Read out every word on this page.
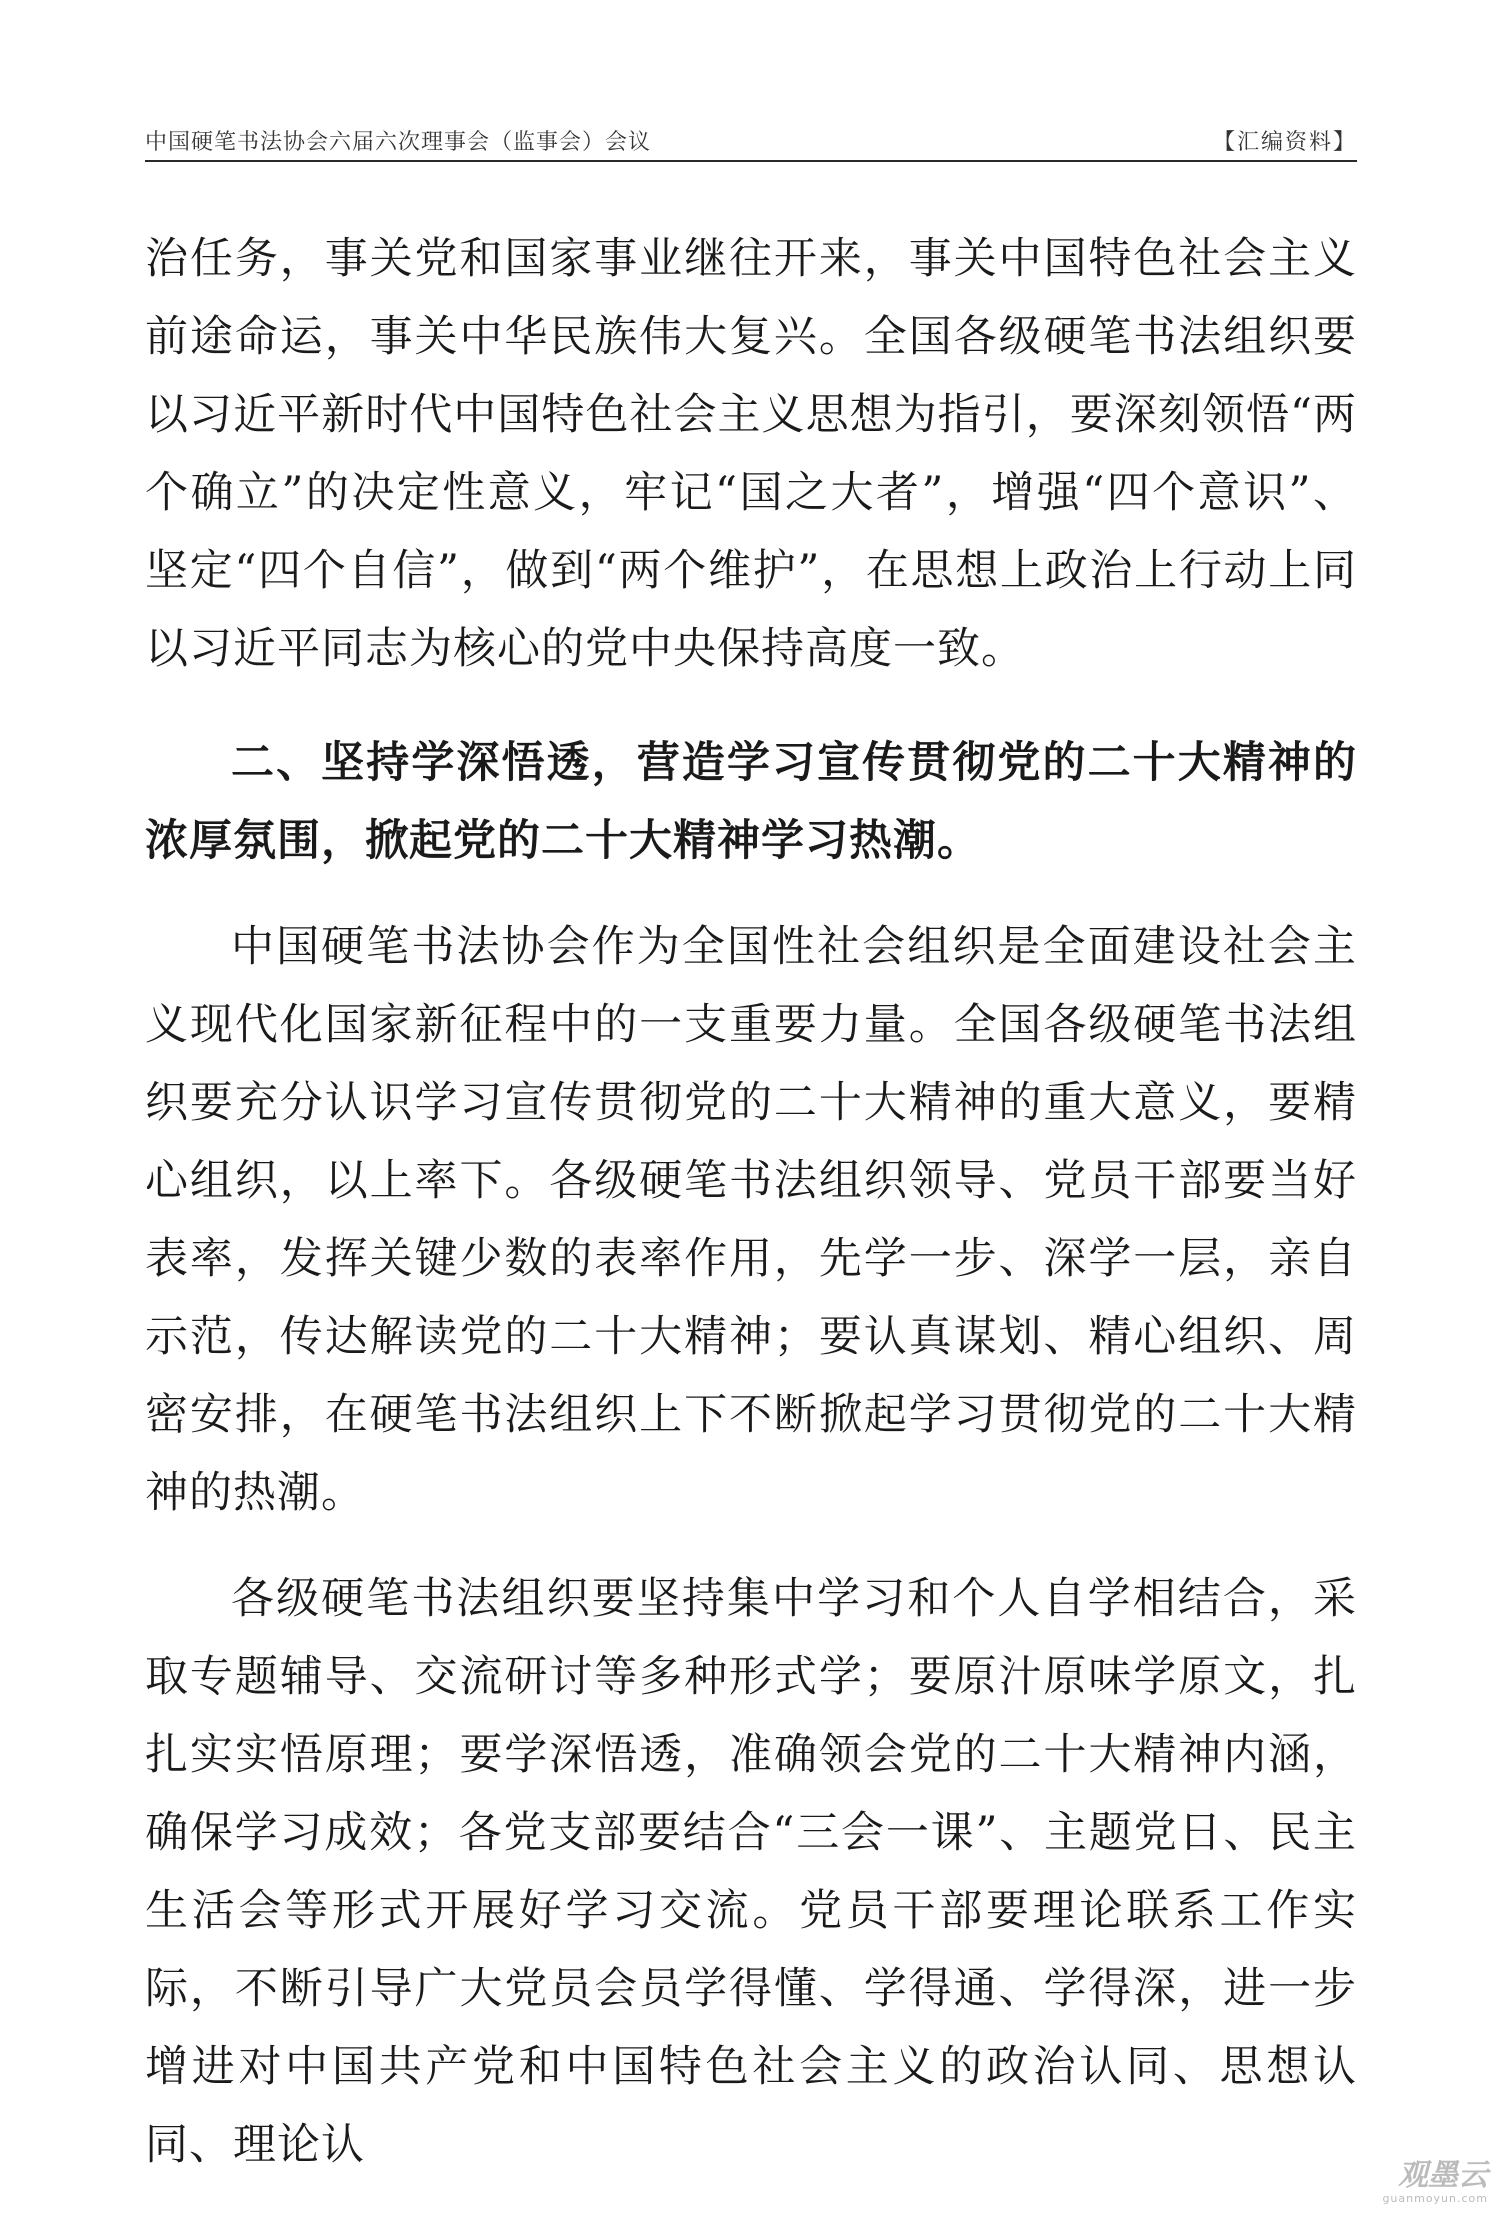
中国硬笔书法协会六届六次理事会（监事会）会议	【汇编资料】

治任务，事关党和国家事业继往开来，事关中国特色社会主义前途命运，事关中华民族伟大复兴。全国各级硬笔书法组织要以习近平新时代中国特色社会主义思想为指引，要深刻领悟“两个确立”的决定性意义，牢记“国之大者”，增强“四个意识”、坚定“四个自信”，做到“两个维护”，在思想上政治上行动上同以习近平同志为核心的党中央保持高度一致。

二、坚持学深悟透，营造学习宣传贯彻党的二十大精神的浓厚氛围，掀起党的二十大精神学习热潮。

中国硬笔书法协会作为全国性社会组织是全面建设社会主义现代化国家新征程中的一支重要力量。全国各级硬笔书法组织要充分认识学习宣传贯彻党的二十大精神的重大意义，要精心组织，以上率下。各级硬笔书法组织领导、党员干部要当好表率，发挥关键少数的表率作用，先学一步、深学一层，亲自示范，传达解读党的二十大精神；要认真谋划、精心组织、周密安排，在硬笔书法组织上下不断掀起学习贯彻党的二十大精神的热潮。

各级硬笔书法组织要坚持集中学习和个人自学相结合，采取专题辅导、交流研讨等多种形式学；要原汁原味学原文，扎扎实实悟原理；要学深悟透，准确领会党的二十大精神内涵，确保学习成效；各党支部要结合“三会一课”、主题党日、民主生活会等形式开展好学习交流。党员干部要理论联系工作实际，不断引导广大党员会员学得懂、学得通、学得深，进一步增进对中国共产党和中国特色社会主义的政治认同、思想认同、理论认

观墨云
guanmoyun.com
